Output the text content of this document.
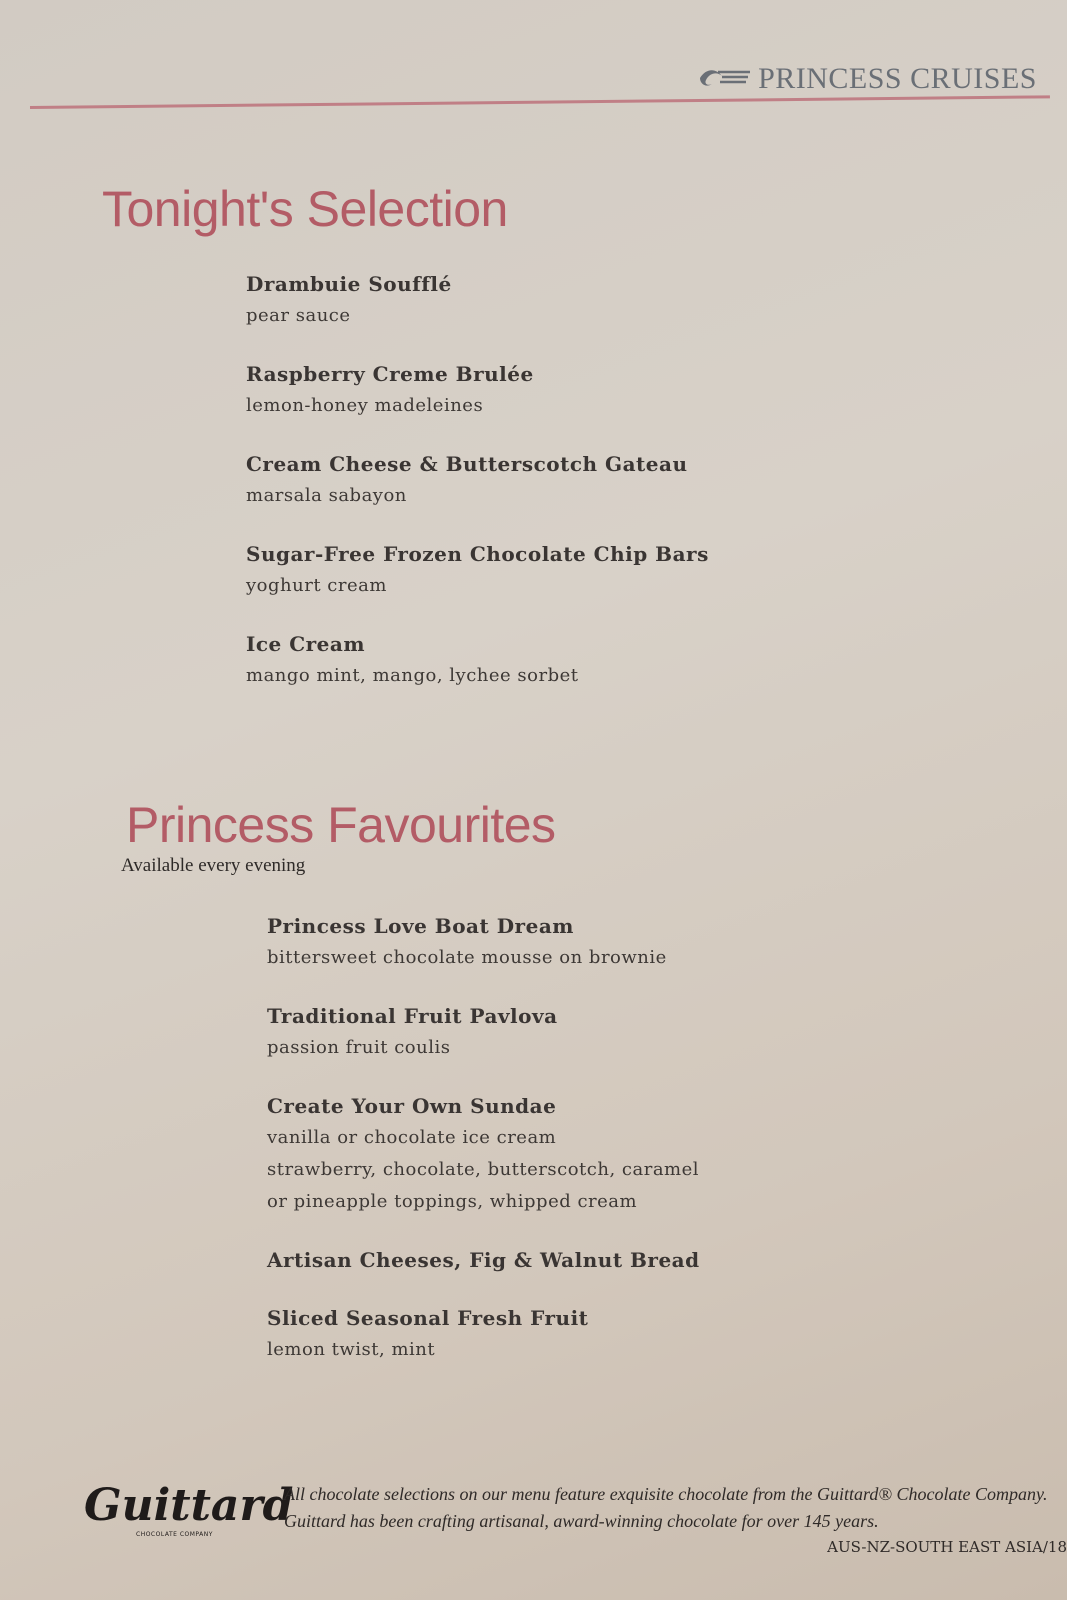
PRINCESS CRUISES
Tonight's Selection
Drambuie Soufflé
pear sauce
Raspberry Creme Brulée
lemon-honey madeleines
Cream Cheese & Butterscotch Gateau
marsala sabayon
Sugar-Free Frozen Chocolate Chip Bars
yoghurt cream
Ice Cream
mango mint, mango, lychee sorbet
Princess Favourites
Available every evening
Princess Love Boat Dream
bittersweet chocolate mousse on brownie
Traditional Fruit Pavlova
passion fruit coulis
Create Your Own Sundae
vanilla or chocolate ice cream
strawberry, chocolate, butterscotch, caramel
or pineapple toppings, whipped cream
Artisan Cheeses, Fig & Walnut Bread
Sliced Seasonal Fresh Fruit
lemon twist, mint
Guittard
CHOCOLATE COMPANY
All chocolate selections on our menu feature exquisite chocolate from the Guittard® Chocolate Company. Guittard has been crafting artisanal, award-winning chocolate for over 145 years.
AUS-NZ-SOUTH EAST ASIA/18
